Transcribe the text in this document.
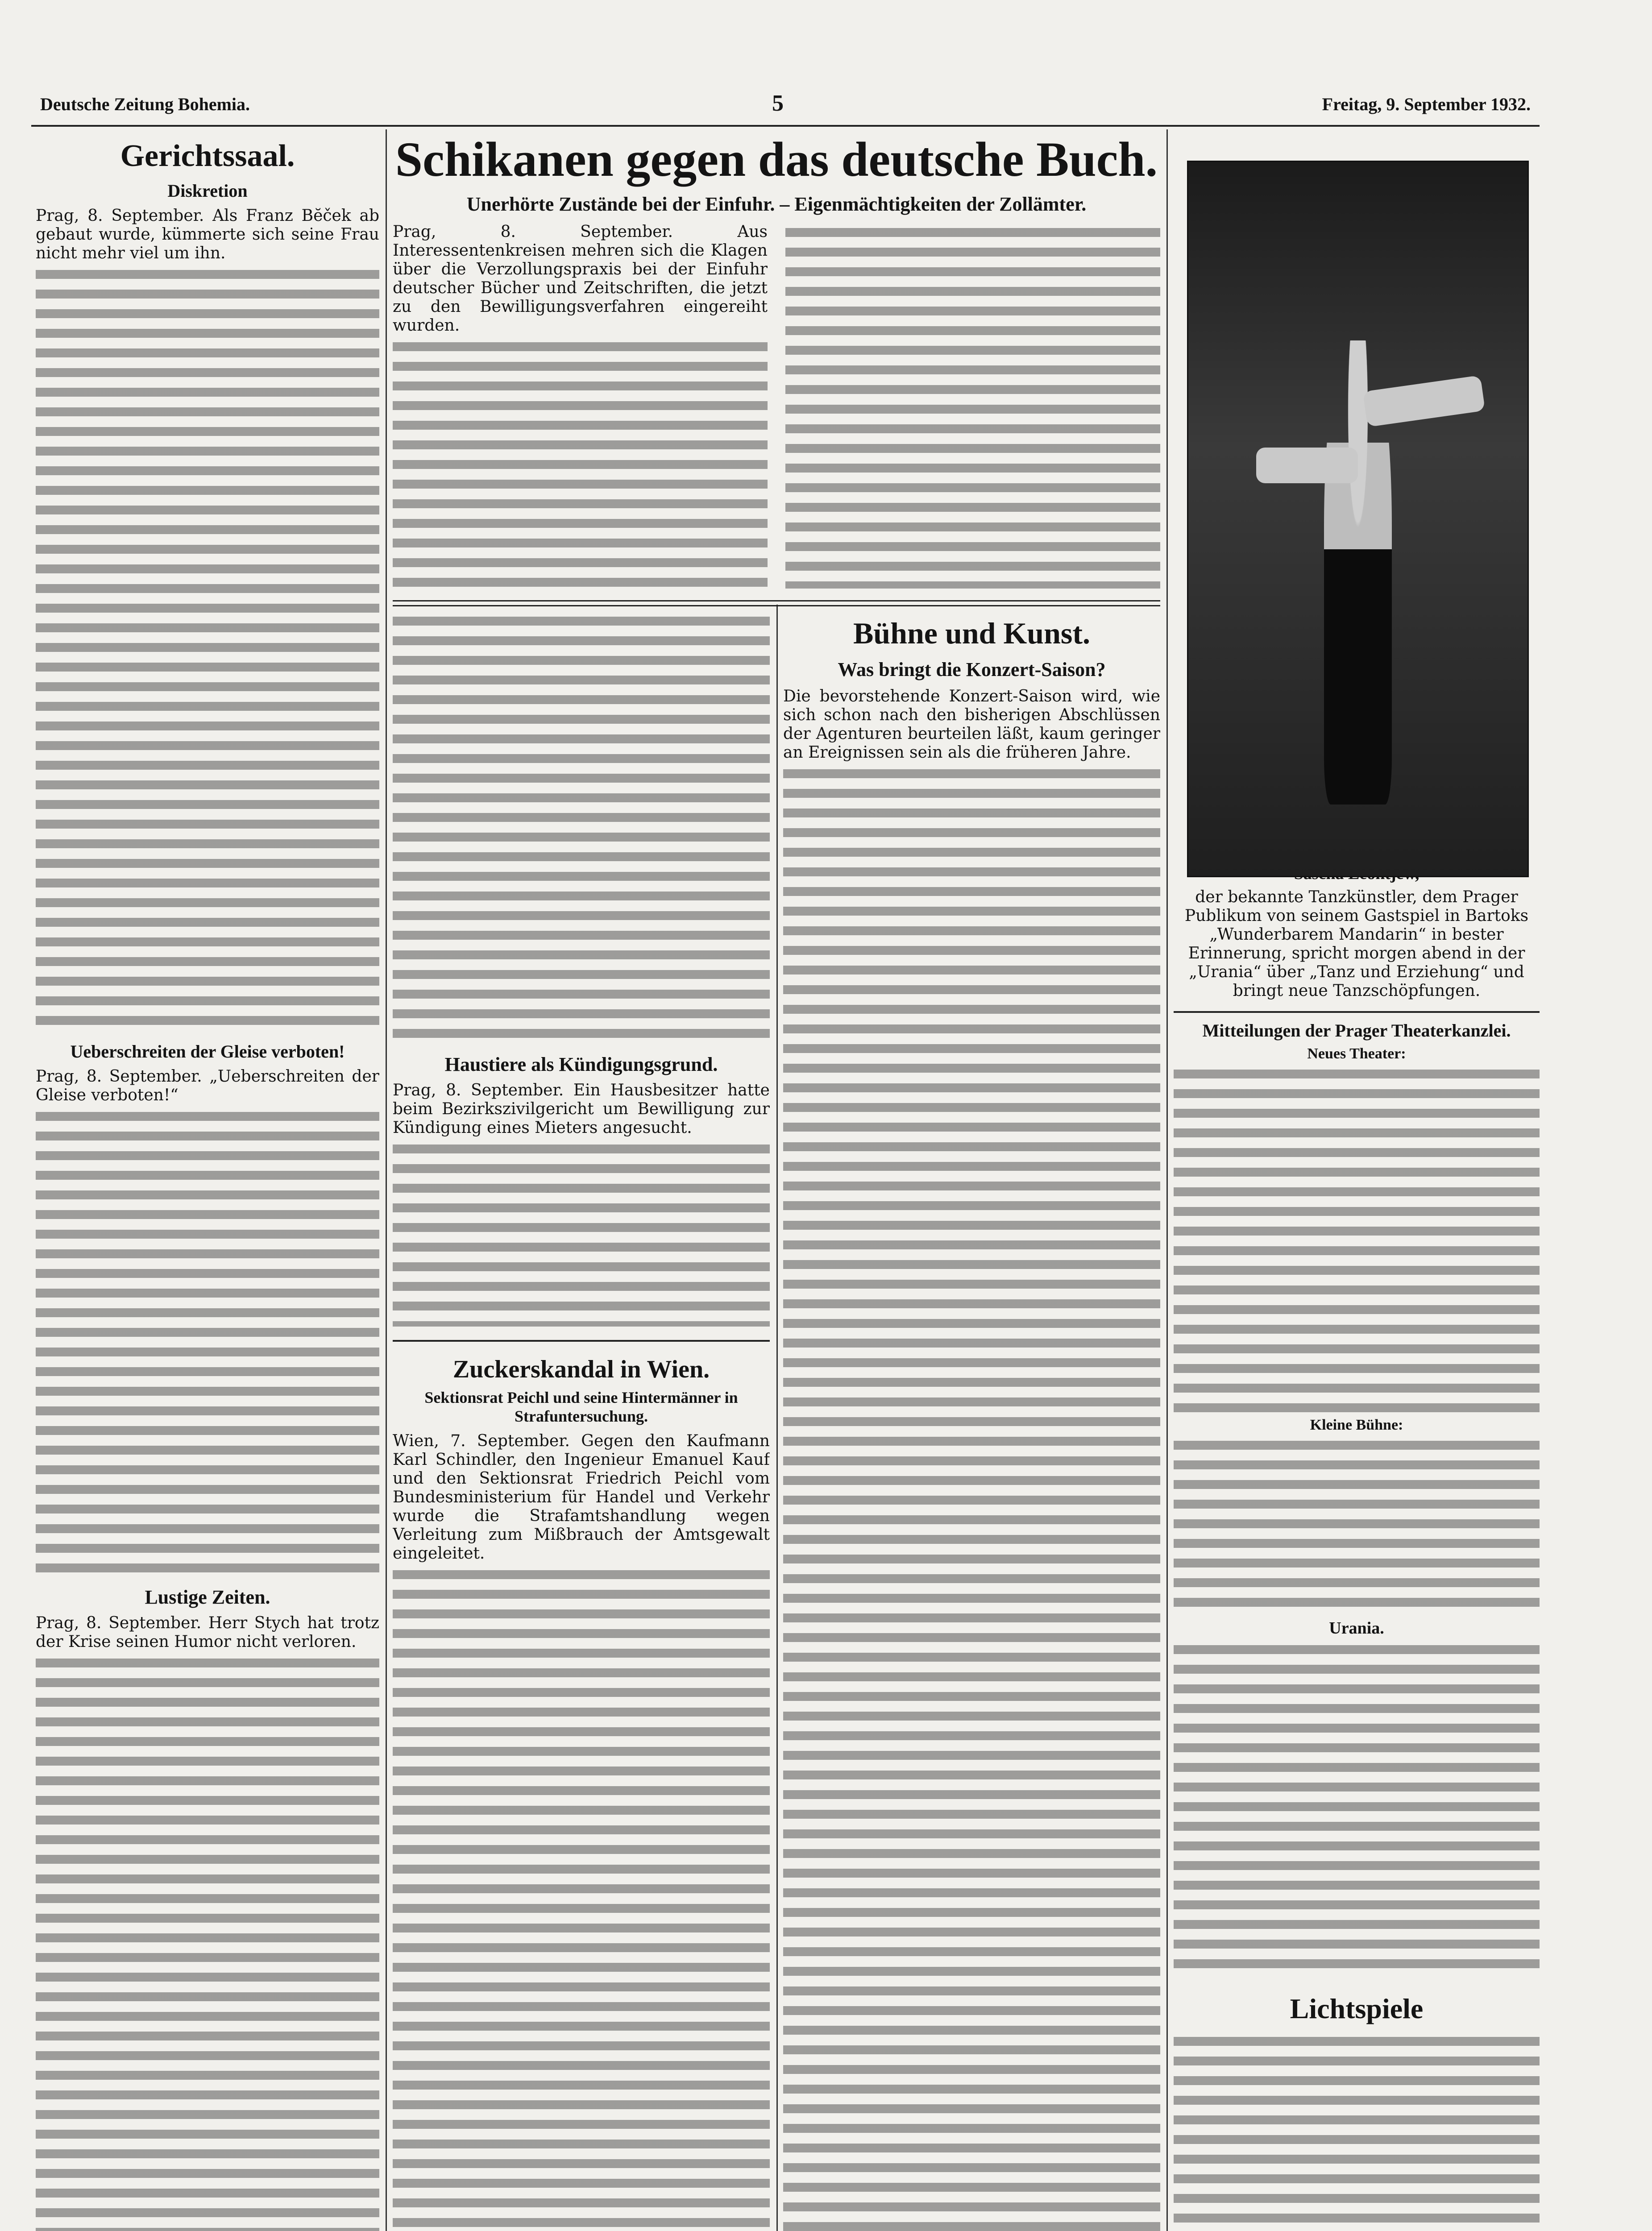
Deutsche Zeitung Bohemia.	5	Freitag, 9. September 1932.
Gerichtssaal.
Diskretion
Prag, 8. September. Als Franz Bĕček ab gebaut wurde, kümmerte sich seine Frau nicht mehr viel um ihn.
Ueberschreiten der Gleise verboten!
Prag, 8. September. „Ueberschreiten der Gleise verboten!“
Lustige Zeiten.
Prag, 8. September. Herr Stych hat trotz der Krise seinen Humor nicht verloren.
Schikanen gegen das deutsche Buch.
Unerhörte Zustände bei der Einfuhr. – Eigenmächtigkeiten der Zollämter.
Prag, 8. September. Aus Interessentenkreisen mehren sich die Klagen über die Verzollungspraxis bei der Einfuhr deutscher Bücher und Zeitschriften, die jetzt zu den Bewilligungsverfahren eingereiht wurden.
Haustiere als Kündigungsgrund.
Prag, 8. September. Ein Hausbesitzer hatte beim Bezirkszivilgericht um Bewilligung zur Kündigung eines Mieters angesucht.
Zuckerskandal in Wien.
Sektionsrat Peichl und seine Hintermänner in Strafuntersuchung.
Wien, 7. September. Gegen den Kaufmann Karl Schindler, den Ingenieur Emanuel Kauf und den Sektionsrat Friedrich Peichl vom Bundesministerium für Handel und Verkehr wurde die Strafamtshandlung wegen Verleitung zum Mißbrauch der Amtsgewalt eingeleitet.
Bühne und Kunst.
Was bringt die Konzert-Saison?
Die bevorstehende Konzert-Saison wird, wie sich schon nach den bisherigen Abschlüssen der Agenturen beurteilen läßt, kaum geringer an Ereignissen sein als die früheren Jahre.
der bekannte Tanzkünstler, dem Prager Publikum von seinem Gastspiel in Bartoks „Wunderbarem Mandarin“ in bester Erinnerung, spricht morgen abend in der „Urania“ über „Tanz und Erziehung“ und bringt neue Tanzschöpfungen.
Mitteilungen der Prager Theaterkanzlei.
Neues Theater:
Kleine Bühne:
Urania.
Lichtspiele
